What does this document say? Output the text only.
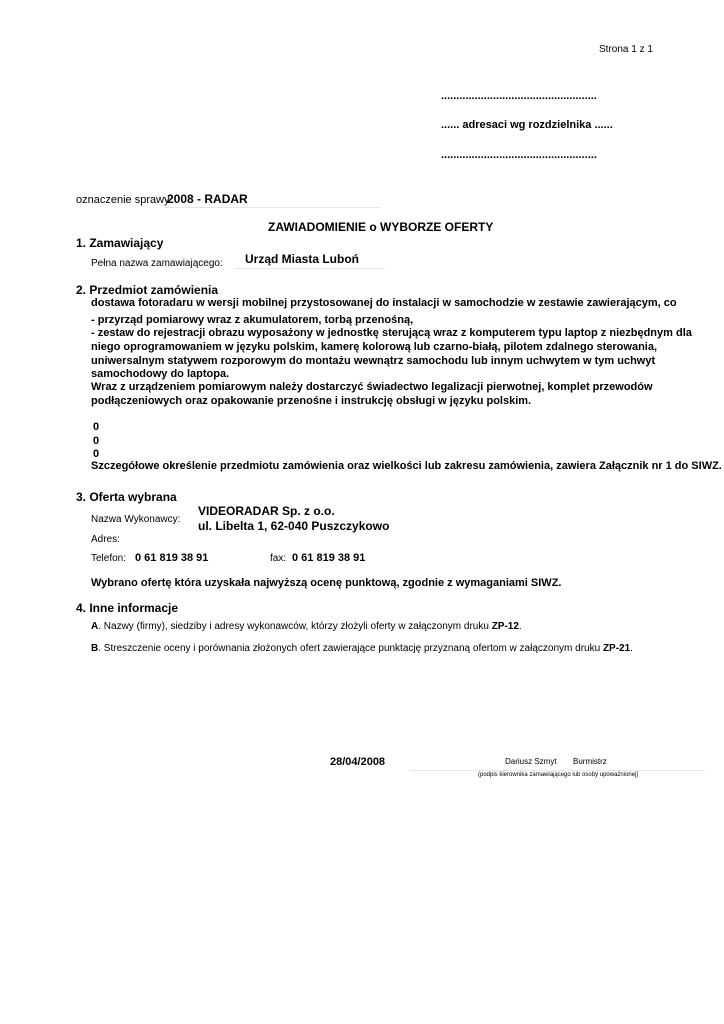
Strona 1 z 1
...................................................
...... adresaci wg rozdzielnika ......
...................................................
oznaczenie sprawy
2008 - RADAR
ZAWIADOMIENIE o WYBORZE OFERTY
1. Zamawiający
Pełna nazwa zamawiającego: Urząd Miasta Luboń
2. Przedmiot zamówienia
dostawa fotoradaru w wersji mobilnej przystosowanej do instalacji w samochodzie w zestawie zawierającym, co
- przyrząd pomiarowy wraz z akumulatorem, torbą przenośną,
- zestaw do rejestracji obrazu wyposażony w jednostkę sterującą wraz z komputerem typu laptop z niezbędnym dla
niego oprogramowaniem w języku polskim, kamerę kolorową lub czarno-białą, pilotem zdalnego sterowania,
uniwersalnym statywem rozporowym do montażu wewnątrz samochodu lub innym uchwytem w tym uchwyt
samochodowy do laptopa.
Wraz z urządzeniem pomiarowym należy dostarczyć świadectwo legalizacji pierwotnej, komplet przewodów
podłączeniowych oraz opakowanie przenośne i instrukcję obsługi w języku polskim.
0
0
0
Szczegółowe określenie przedmiotu zamówienia oraz wielkości lub zakresu zamówienia, zawiera Załącznik nr 1 do SIWZ.
3. Oferta wybrana
Nazwa Wykonawcy:
VIDEORADAR Sp. z o.o.
ul. Libelta 1, 62-040 Puszczykowo
Adres:
Telefon: 0 61 819 38 91	fax: 0 61 819 38 91
Wybrano ofertę która uzyskała najwyższą ocenę punktową, zgodnie z wymaganiami SIWZ.
4. Inne informacje
A. Nazwy (firmy), siedziby i adresy wykonawców, którzy złożyli oferty w załączonym druku ZP-12.
B. Streszczenie oceny i porównania złożonych ofert zawierające punktację przyznaną ofertom w załączonym druku ZP-21.
28/04/2008	Dariusz Szmyt Burmistrz
(podpis kierownika zamawiającego lub osoby upoważnionej)
